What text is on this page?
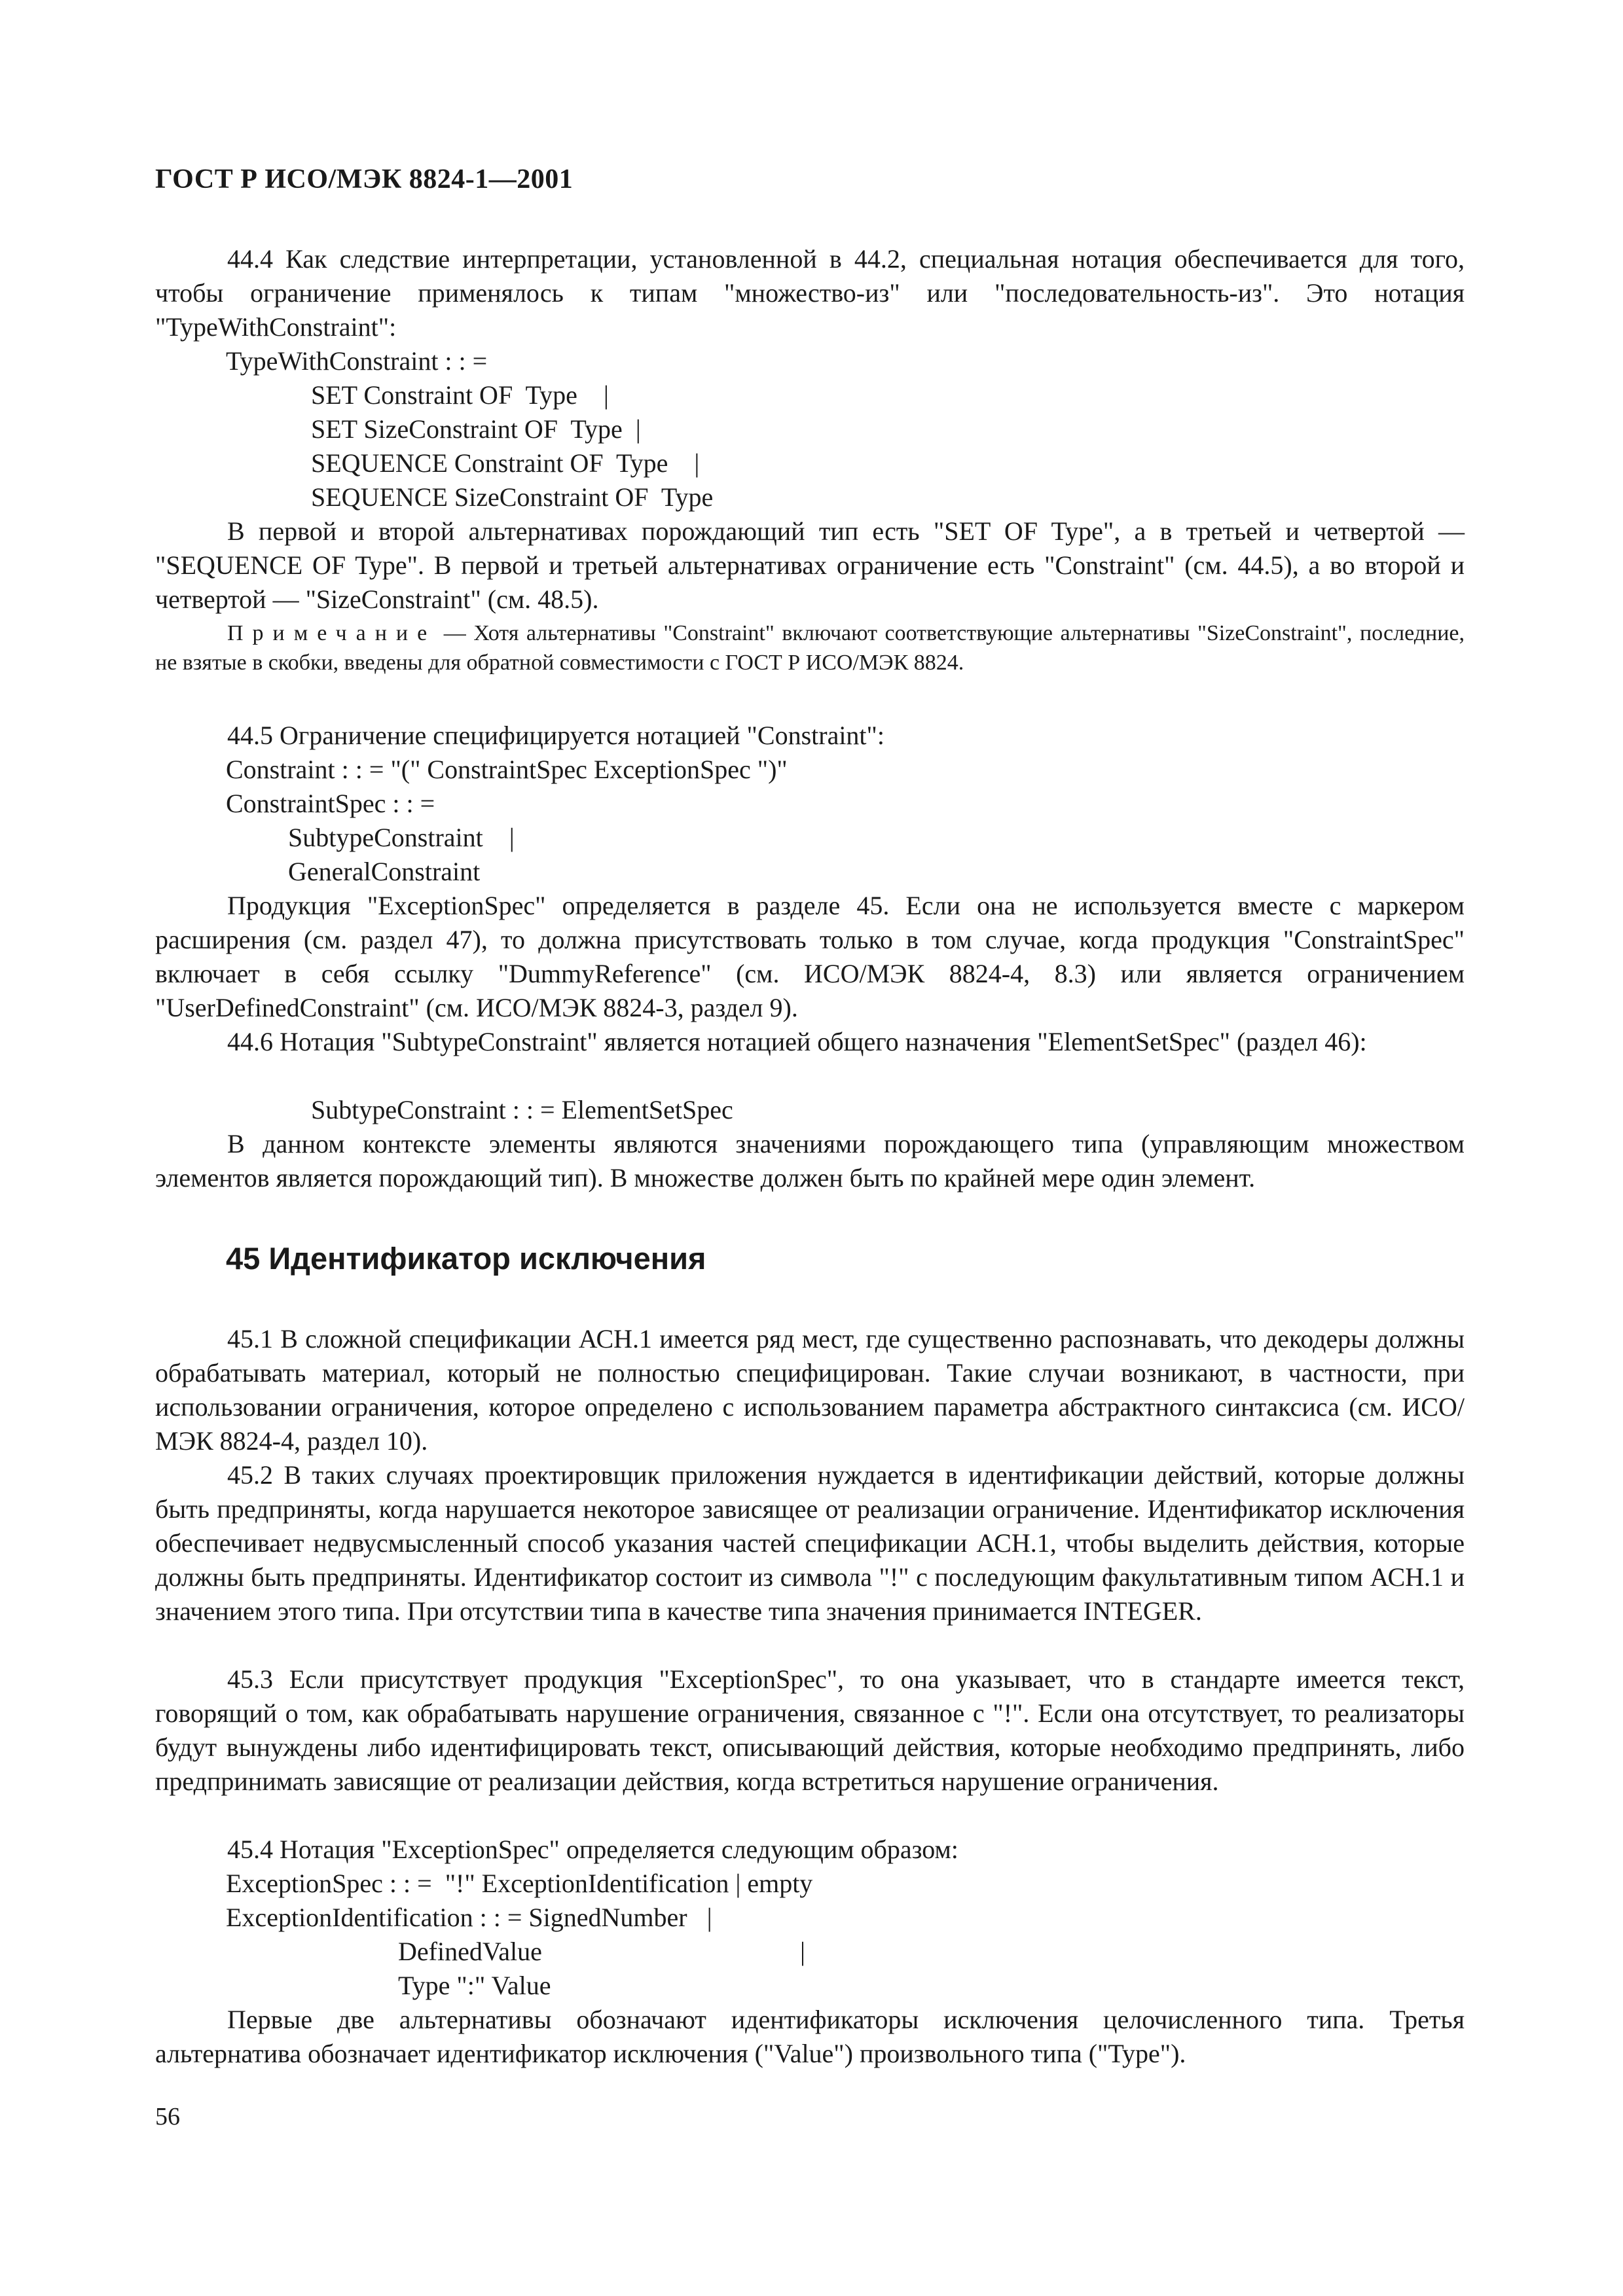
ГОСТ Р ИСО/МЭК 8824-1—2001

44.4 Как следствие интерпретации, установленной в 44.2, специальная нотация обеспечивается для того, чтобы ограничение применялось к типам "множество-из" или "последовательность-из". Это нотация "TypeWithConstraint":

TypeWithConstraint : : =
SET Constraint OF  Type    |
SET SizeConstraint OF  Type  |
SEQUENCE Constraint OF  Type    |
SEQUENCE SizeConstraint OF  Type

В первой и второй альтернативах порождающий тип есть "SET OF Type", а в третьей и четвертой — "SEQUENCE OF Type". В первой и третьей альтернативах ограничение есть "Constraint" (см. 44.5), а во второй и четвертой — "SizeConstraint" (см. 48.5).

Примечание — Хотя альтернативы "Constraint" включают соответствующие альтернативы "SizeConstraint", последние, не взятые в скобки, введены для обратной совместимости с ГОСТ Р ИСО/МЭК 8824.

44.5 Ограничение специфицируется нотацией "Constraint":

Constraint : : = "(" ConstraintSpec ExceptionSpec ")"
ConstraintSpec : : =
SubtypeConstraint    |
GeneralConstraint

Продукция "ExceptionSpec" определяется в разделе 45. Если она не используется вместе с маркером расширения (см. раздел 47), то должна присутствовать только в том случае, когда продукция "ConstraintSpec" включает в себя ссылку "DummyReference" (см. ИСО/МЭК 8824-4, 8.3) или является ограничением "UserDefinedConstraint" (см. ИСО/МЭК 8824-3, раздел 9).

44.6 Нотация "SubtypeConstraint" является нотацией общего назначения "ElementSetSpec" (раздел 46):

SubtypeConstraint : : = ElementSetSpec

В данном контексте элементы являются значениями порождающего типа (управляющим множеством элементов является порождающий тип). В множестве должен быть по крайней мере один элемент.

45 Идентификатор исключения

45.1 В сложной спецификации АСН.1 имеется ряд мест, где существенно распознавать, что декодеры должны обрабатывать материал, который не полностью специфицирован. Такие случаи возникают, в частности, при использовании ограничения, которое определено с использованием параметра абстрактного синтаксиса (см. ИСО/МЭК 8824-4, раздел 10).

45.2 В таких случаях проектировщик приложения нуждается в идентификации действий, которые должны быть предприняты, когда нарушается некоторое зависящее от реализации ограничение. Идентификатор исключения обеспечивает недвусмысленный способ указания частей спецификации АСН.1, чтобы выделить действия, которые должны быть предприняты. Идентификатор состоит из символа "!" с последующим факультативным типом АСН.1 и значением этого типа. При отсутствии типа в качестве типа значения принимается INTEGER.

45.3 Если присутствует продукция "ExceptionSpec", то она указывает, что в стандарте имеется текст, говорящий о том, как обрабатывать нарушение ограничения, связанное с "!". Если она отсутствует, то реализаторы будут вынуждены либо идентифицировать текст, описывающий действия, которые необходимо предпринять, либо предпринимать зависящие от реализации действия, когда встретиться нарушение ограничения.

45.4 Нотация "ExceptionSpec" определяется следующим образом:

ExceptionSpec : : =  "!" ExceptionIdentification | empty
ExceptionIdentification : : = SignedNumber   |
DefinedValue	|
Type ":" Value

Первые две альтернативы обозначают идентификаторы исключения целочисленного типа. Третья альтернатива обозначает идентификатор исключения ("Value") произвольного типа ("Type").

56
